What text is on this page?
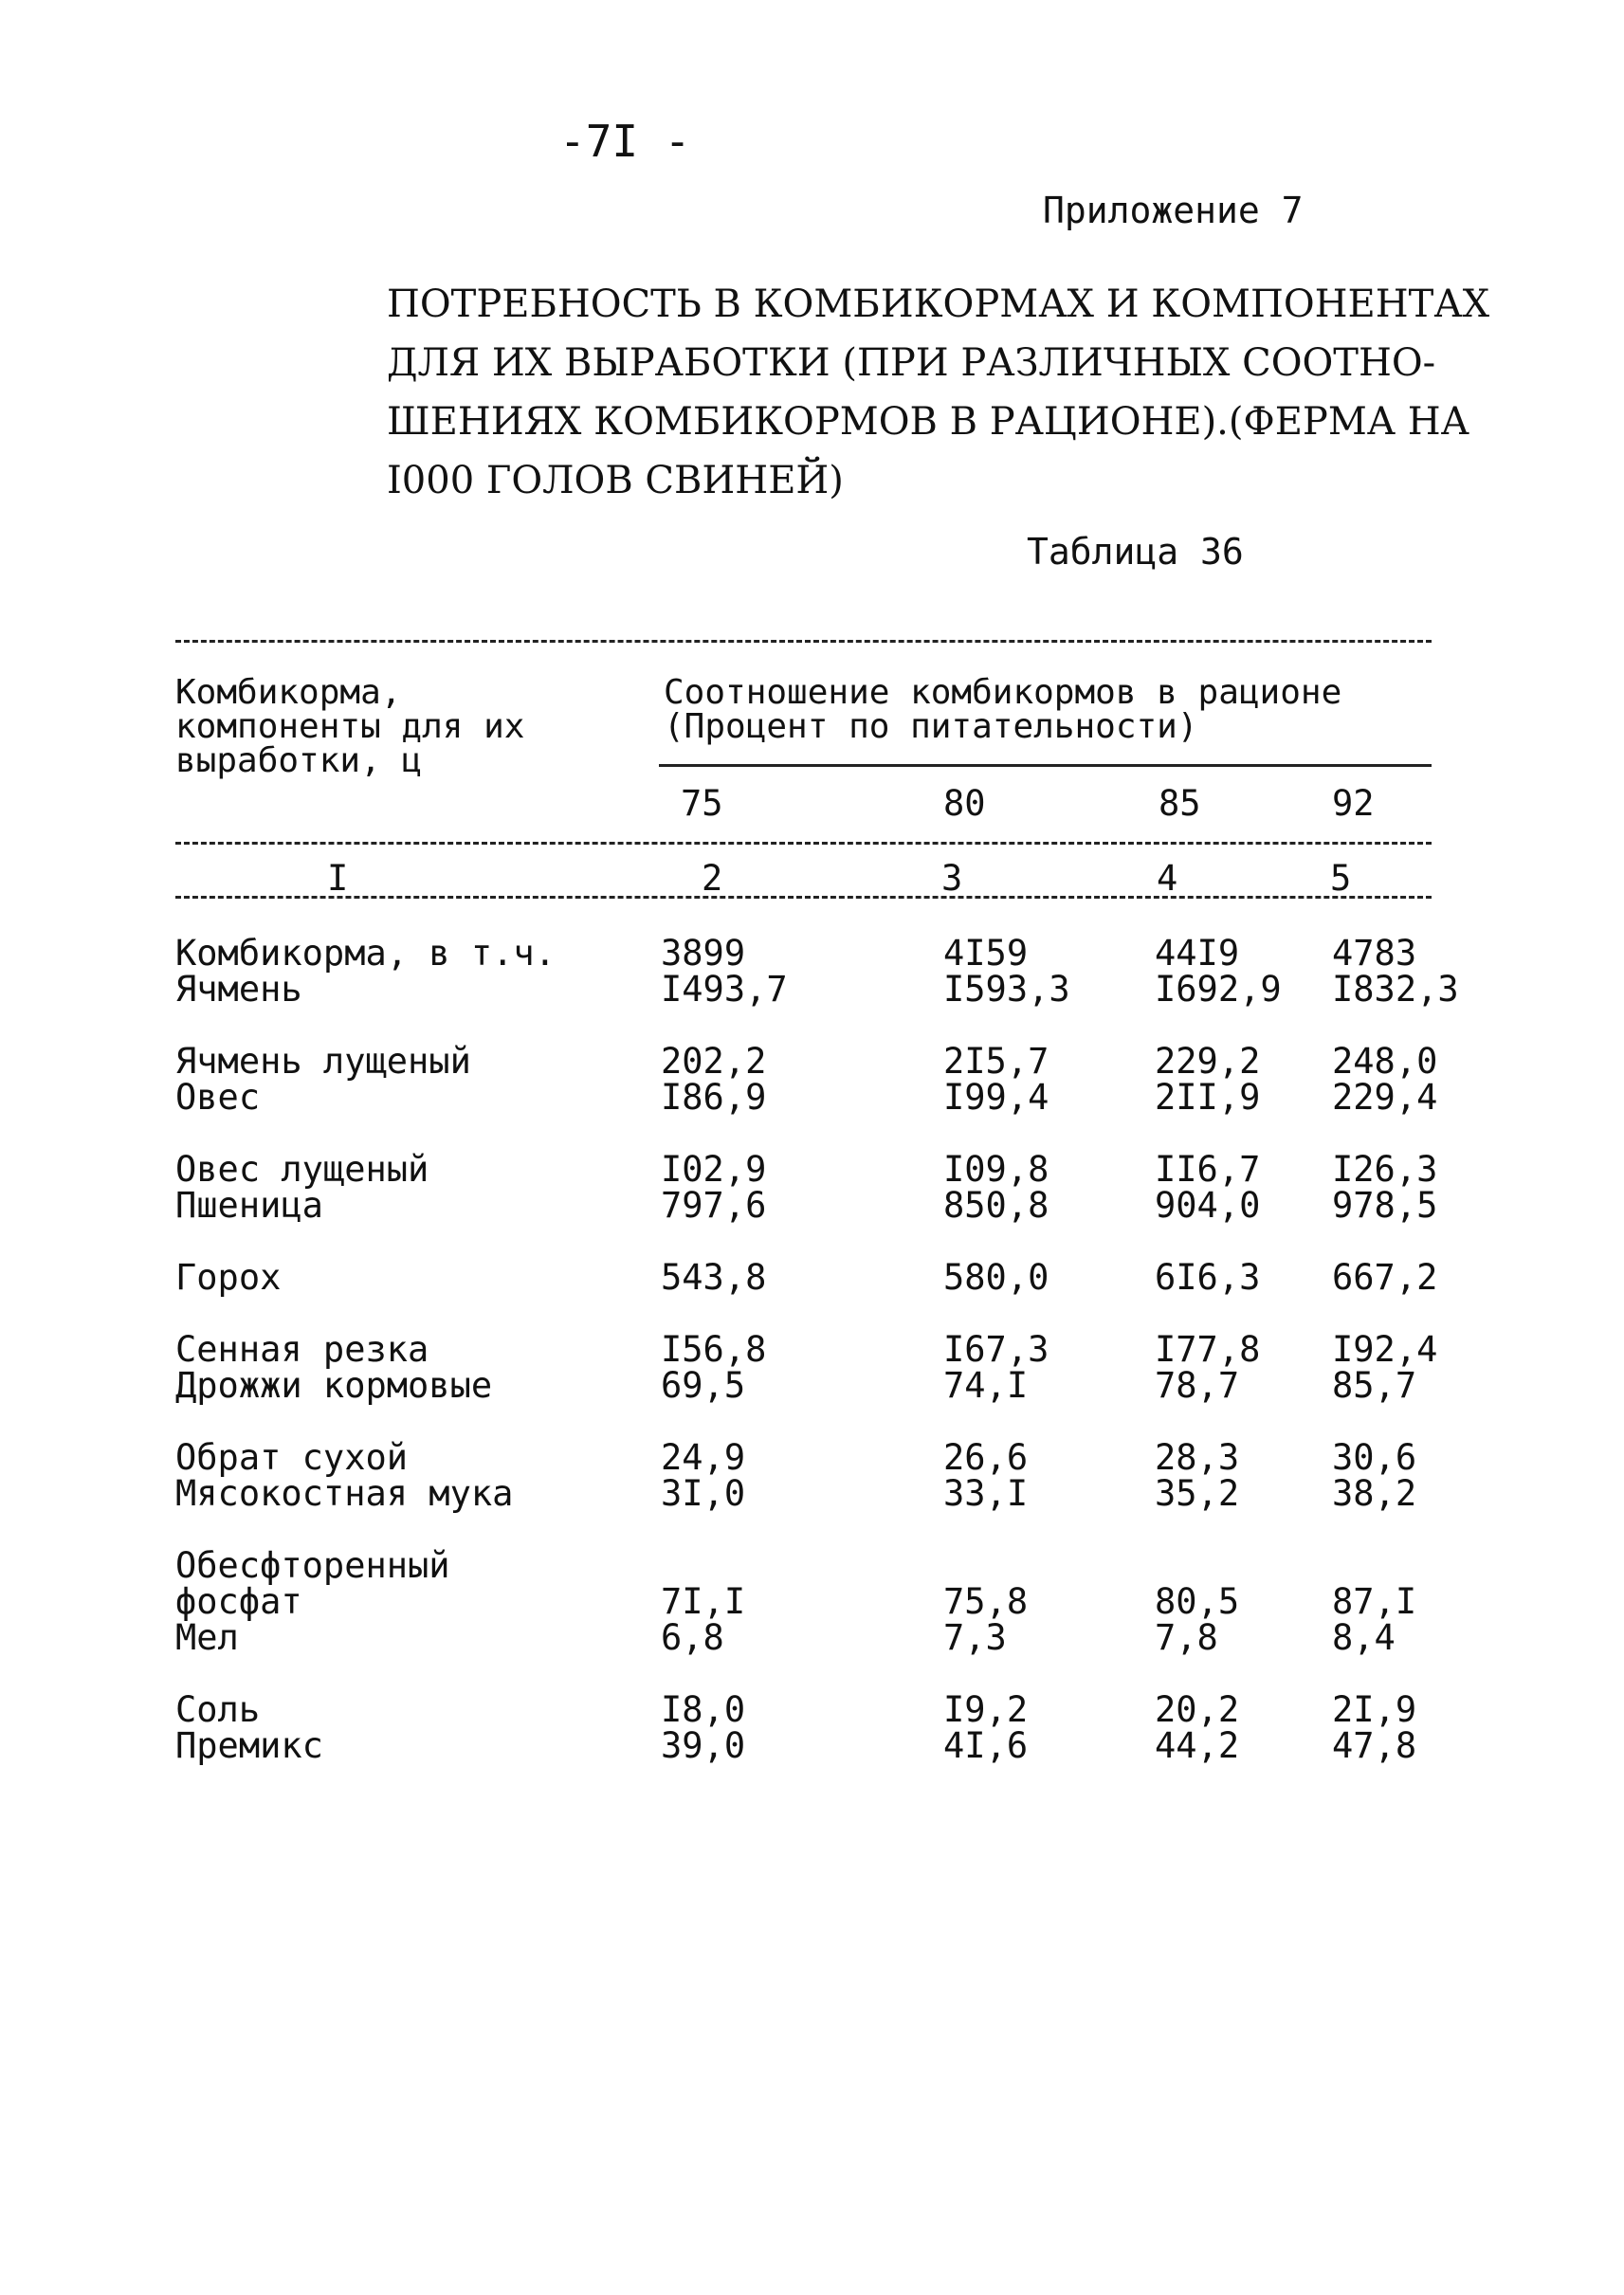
-7I -
Приложение 7
ПОТРЕБНОСТЬ В КОМБИКОРМАХ И КОМПОНЕНТАХ
ДЛЯ ИХ ВЫРАБОТКИ (ПРИ РАЗЛИЧНЫХ СООТНО-
ШЕНИЯХ КОМБИКОРМОВ В РАЦИОНЕ).(ФЕРМА НА
I000 ГОЛОВ СВИНЕЙ)
Таблица 36
Комбикорма,
компоненты для их
выработки, ц
Соотношение комбикормов в рационе
(Процент по питательности)
75	80	85	92
I	2	3	4	5
Комбикорма, в т.ч.	3899	4I59	44I9	4783
Ячмень	I493,7	I593,3 I692,9 I832,3
Ячмень лущеный	202,2	2I5,7	229,2 248,0
Овес	I86,9	I99,4	2II,9 229,4
Овес лущеный	I02,9	I09,8	II6,7 I26,3
Пшеница	797,6	850,8	904,0 978,5
Горох	543,8	580,0	6I6,3 667,2
Сенная резка	I56,8	I67,3	I77,8 I92,4
Дрожжи кормовые	69,5	74,I	78,7	85,7
Обрат сухой	24,9	26,6	28,3	30,6
Мясокостная мука	3I,0	33,I	35,2	38,2
Обесфторенный
фосфат	7I,I	75,8	80,5	87,I
Мел	6,8	7,3	7,8	8,4
Соль	I8,0	I9,2	20,2	2I,9
Премикс	39,0	4I,6	44,2	47,8
